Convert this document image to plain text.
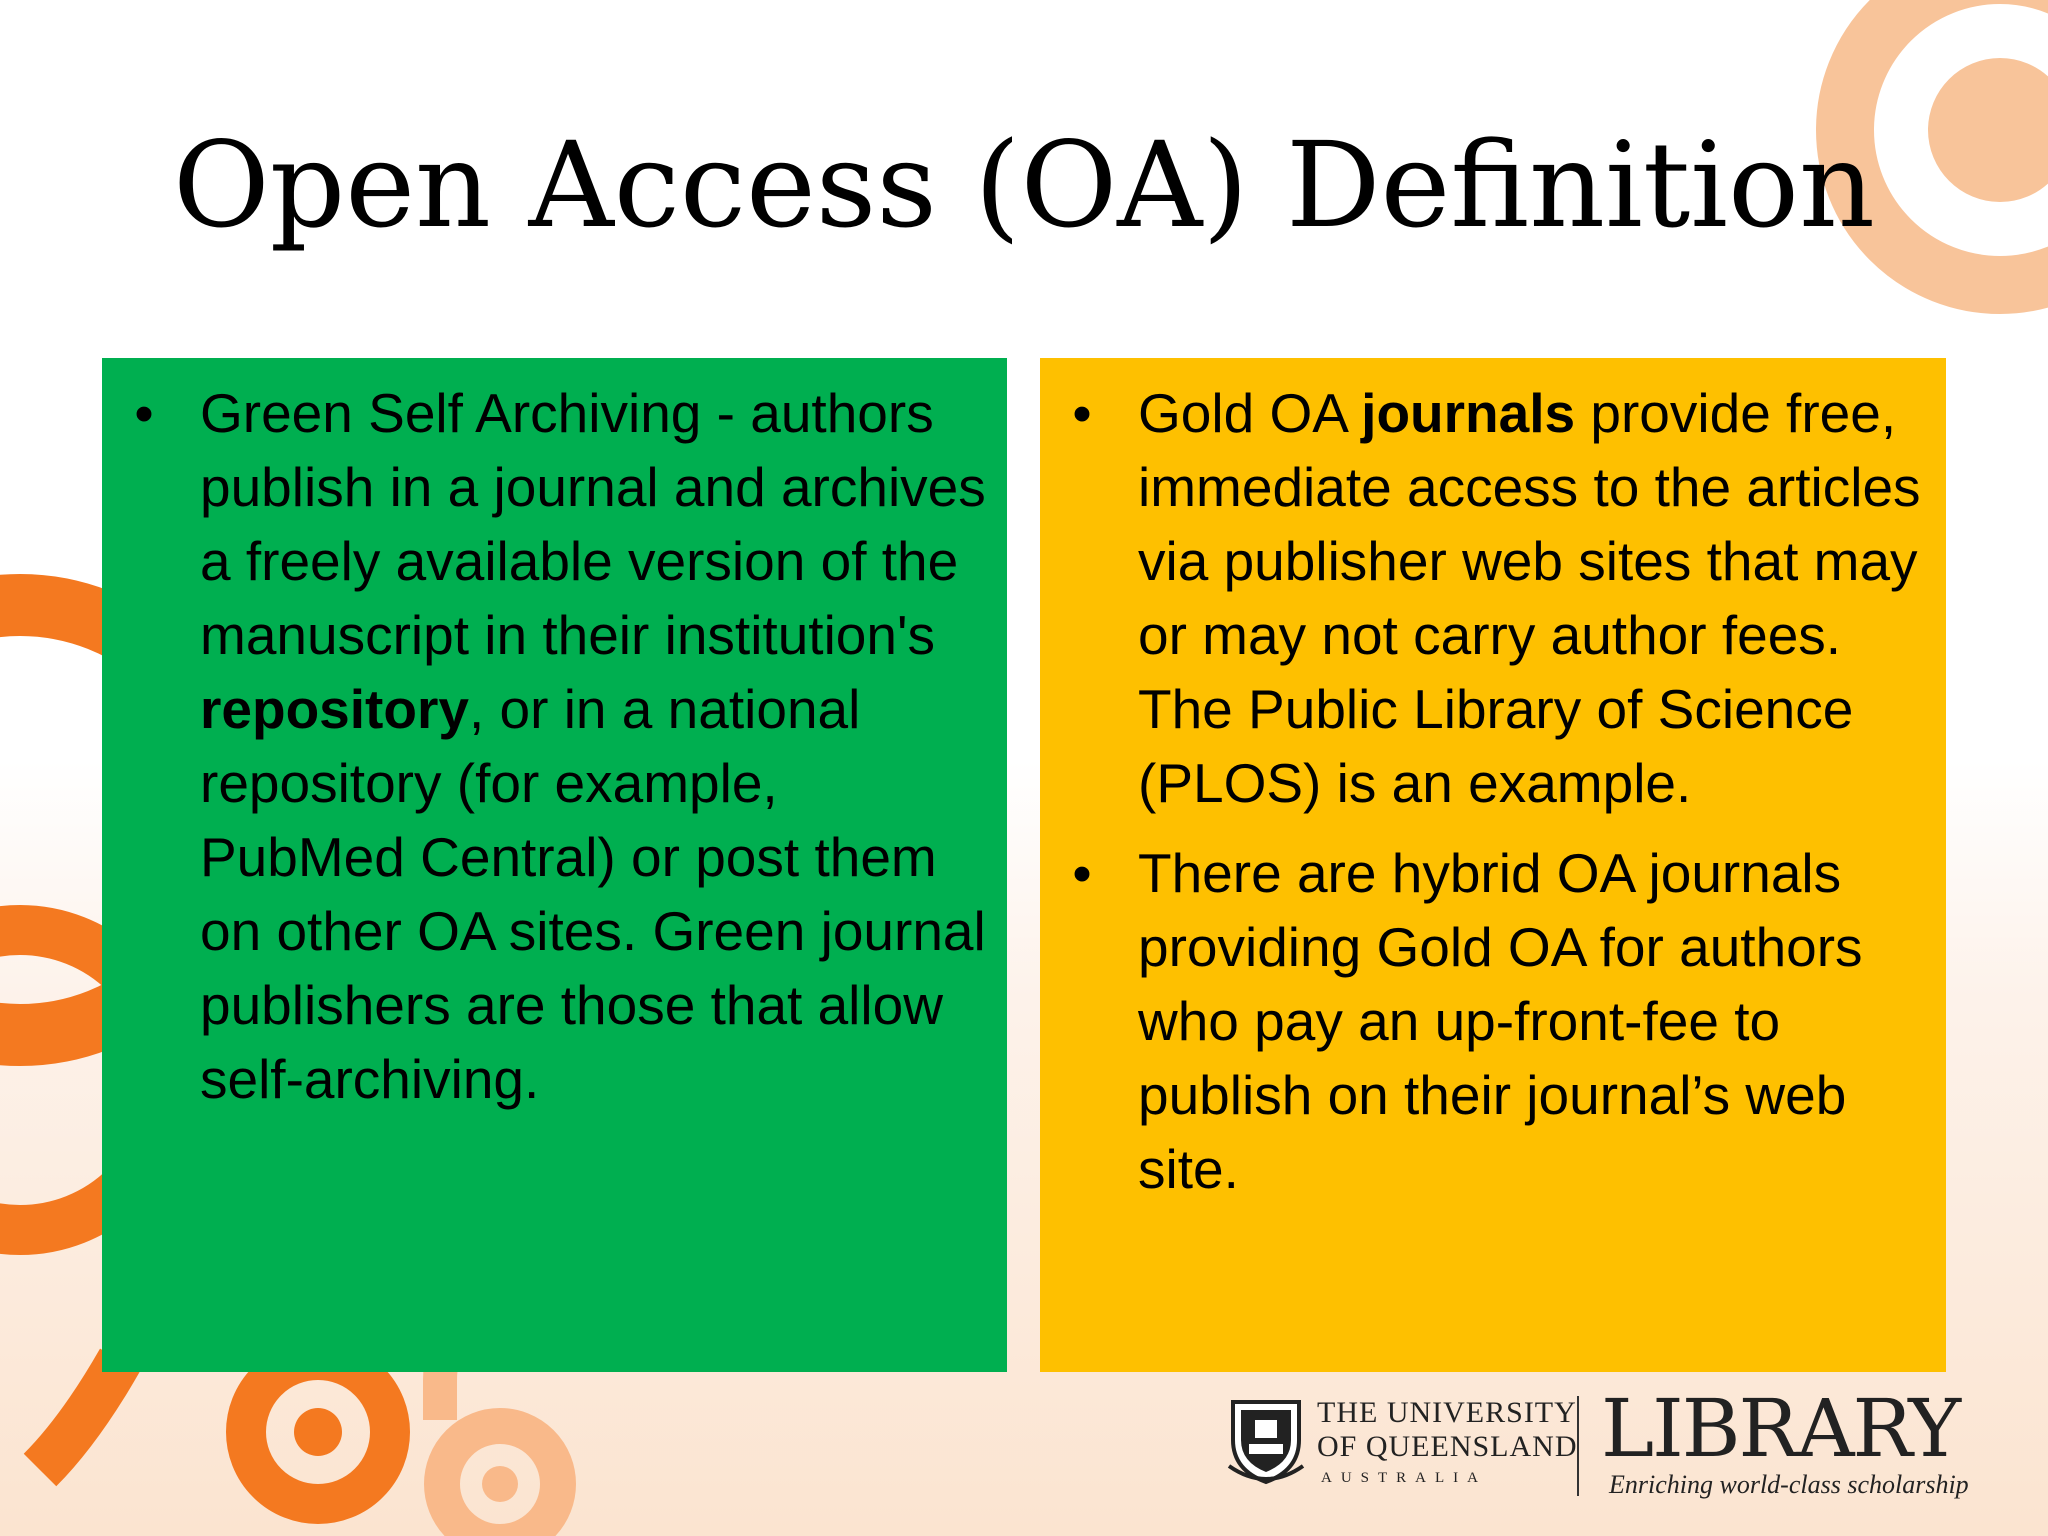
Open Access (OA) Definition
• Green Self Archiving - authors publish in a journal and archives a freely available version of the manuscript in their institution's repository, or in a national repository (for example, PubMed Central) or post them on other OA sites. Green journal publishers are those that allow self-archiving.
• Gold OA journals provide free, immediate access to the articles via publisher web sites that may or may not carry author fees. The Public Library of Science (PLOS) is an example.
• There are hybrid OA journals providing Gold OA for authors who pay an up-front-fee to publish on their journal’s web site.
THE UNIVERSITY
OF QUEENSLAND
AUSTRALIA
LIBRARY
Enriching world-class scholarship
